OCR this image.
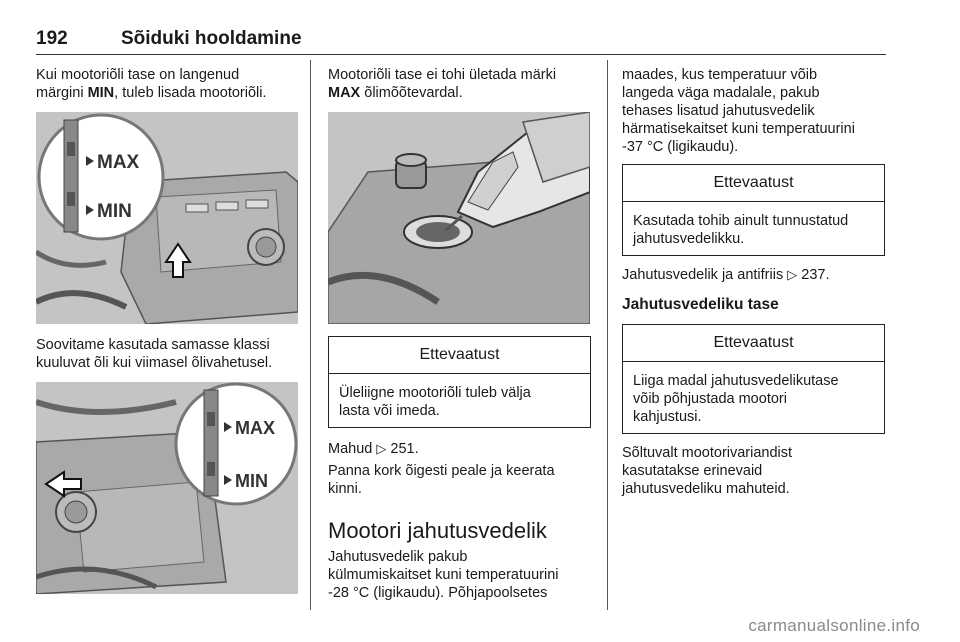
192	Sõiduki hooldamine

Kui mootoriõli tase on langenud
märgini MIN, tuleb lisada mootoriõli.

MAX
MIN

Soovitame kasutada samasse klassi
kuuluvat õli kui viimasel õlivahetusel.

MAX
MIN

Mootoriõli tase ei tohi ületada märki
MAX õlimõõtevardal.

Ettevaatust
Üleliigne mootoriõli tuleb välja
lasta või imeda.

Mahud ▷ 251.

Panna kork õigesti peale ja keerata
kinni.

Mootori jahutusvedelik

Jahutusvedelik pakub
külmumiskaitset kuni temperatuurini
-28 °C (ligikaudu). Põhjapoolsetes

maades, kus temperatuur võib
langeda väga madalale, pakub
tehases lisatud jahutusvedelik
härmatisekaitset kuni temperatuurini
-37 °C (ligikaudu).

Ettevaatust
Kasutada tohib ainult tunnustatud
jahutusvedelikku.

Jahutusvedelik ja antifriis ▷ 237.

Jahutusvedeliku tase
Ettevaatust
Liiga madal jahutusvedelikutase
võib põhjustada mootori
kahjustusi.

Sõltuvalt mootorivariandist
kasutatakse erinevaid
jahutusvedeliku mahuteid.

carmanualsonline.info
